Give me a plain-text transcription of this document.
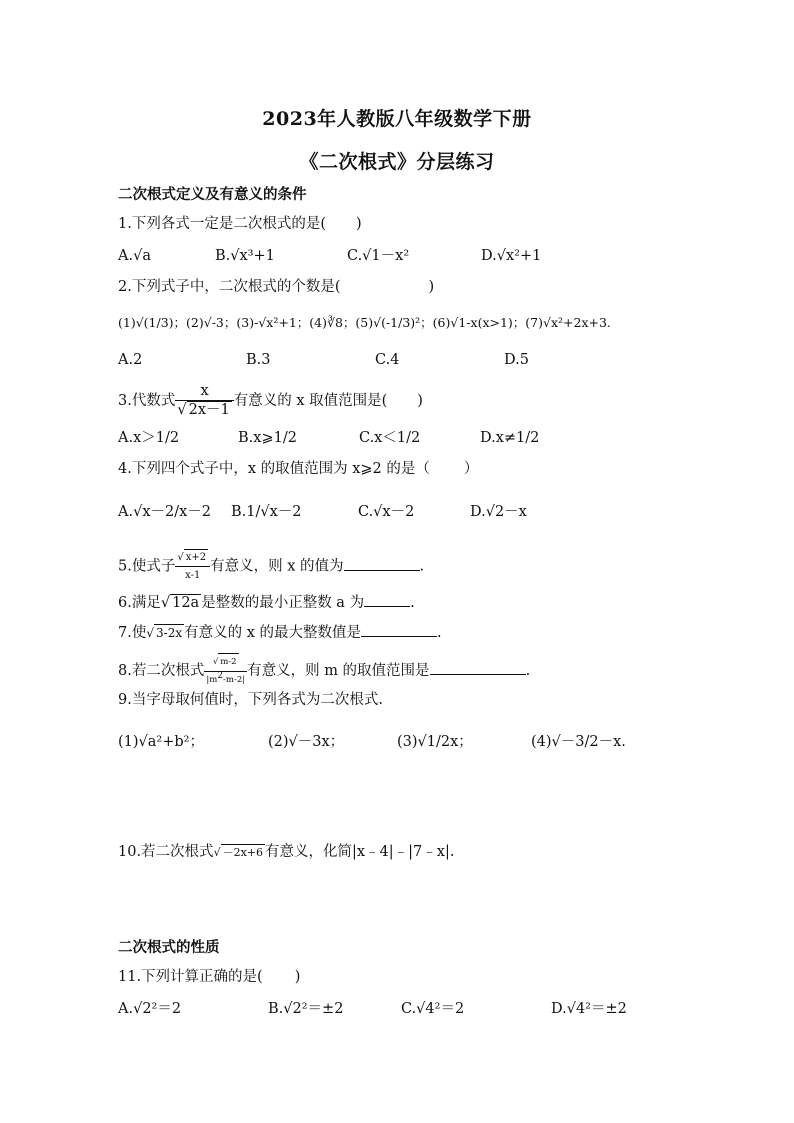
2023年人教版八年级数学下册
《二次根式》分层练习
二次根式定义及有意义的条件
1.下列各式一定是二次根式的是( )
A.√a	B.√x³+1	C.√1－x²	D.√x²+1
2.下列式子中，二次根式的个数是(	)
(1)√(1/3)；(2)√-3；(3)-√x²+1；(4)∛8；(5)√(-1/3)²；(6)√1-x(x>1)；(7)√x²+2x+3.
A.2	B.3	C.4	D.5
3.代数式 $\frac{x}{√ 2x-1}$ 有意义的 x 取值范围是( )
A.x＞1/2	B.x⩾1/2	C.x＜1/2	D.x≠1/2
4.下列四个式子中，x 的取值范围为 x⩾2 的是（ ）
A.√x－2/x－2 B.1/√x－2	C.√x－2	D.√2－x
5.使式子 $\frac{√ x+2}{x-1}$ 有意义，则 x 的值为	.
6.满足√ 12a 是整数的最小正整数 a 为	.
7.使√ 3-2x 有意义的 x 的最大整数值是	.
8.若二次根式 $\frac{√ m-2}{|m^2-m-2|}$ 有意义，则 m 的取值范围是	.
9.当字母取何值时，下列各式为二次根式.
(1)√a²+b²；	(2)√－3x；	(3)√1/2x；	(4)√－3/2－x.
10.若二次根式√ －2x+6 有意义，化简|x﹣4|﹣|7﹣x|.
二次根式的性质
11.下列计算正确的是( )
A.√2²＝2	B.√2²＝±2	C.√4²＝2	D.√4²＝±2
